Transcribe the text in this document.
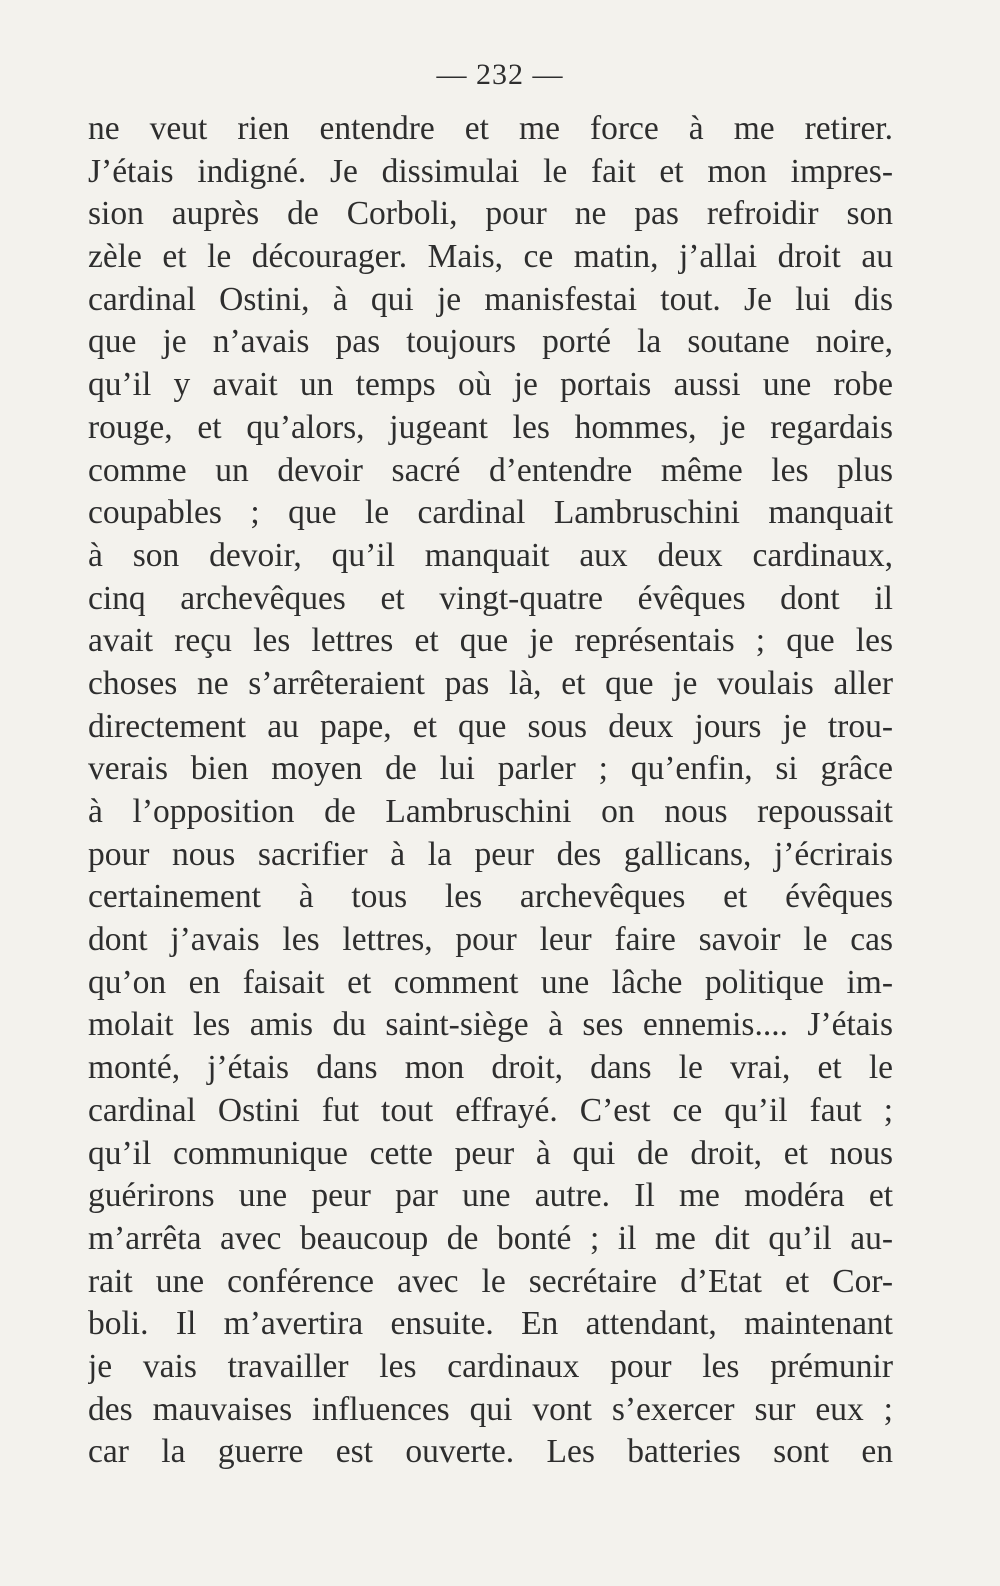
— 232 —
ne veut rien entendre et me force à me retirer.
J’étais indigné. Je dissimulai le fait et mon impres-
sion auprès de Corboli, pour ne pas refroidir son
zèle et le décourager. Mais, ce matin, j’allai droit au
cardinal Ostini, à qui je manisfestai tout. Je lui dis
que je n’avais pas toujours porté la soutane noire,
qu’il y avait un temps où je portais aussi une robe
rouge, et qu’alors, jugeant les hommes, je regardais
comme un devoir sacré d’entendre même les plus
coupables ; que le cardinal Lambruschini manquait
à son devoir, qu’il manquait aux deux cardinaux,
cinq archevêques et vingt-quatre évêques dont il
avait reçu les lettres et que je représentais ; que les
choses ne s’arrêteraient pas là, et que je voulais aller
directement au pape, et que sous deux jours je trou-
verais bien moyen de lui parler ; qu’enfin, si grâce
à l’opposition de Lambruschini on nous repoussait
pour nous sacrifier à la peur des gallicans, j’écrirais
certainement à tous les archevêques et évêques
dont j’avais les lettres, pour leur faire savoir le cas
qu’on en faisait et comment une lâche politique im-
molait les amis du saint-siège à ses ennemis.... J’étais
monté, j’étais dans mon droit, dans le vrai, et le
cardinal Ostini fut tout effrayé. C’est ce qu’il faut ;
qu’il communique cette peur à qui de droit, et nous
guérirons une peur par une autre. Il me modéra et
m’arrêta avec beaucoup de bonté ; il me dit qu’il au-
rait une conférence avec le secrétaire d’Etat et Cor-
boli. Il m’avertira ensuite. En attendant, maintenant
je vais travailler les cardinaux pour les prémunir
des mauvaises influences qui vont s’exercer sur eux ;
car la guerre est ouverte. Les batteries sont en
